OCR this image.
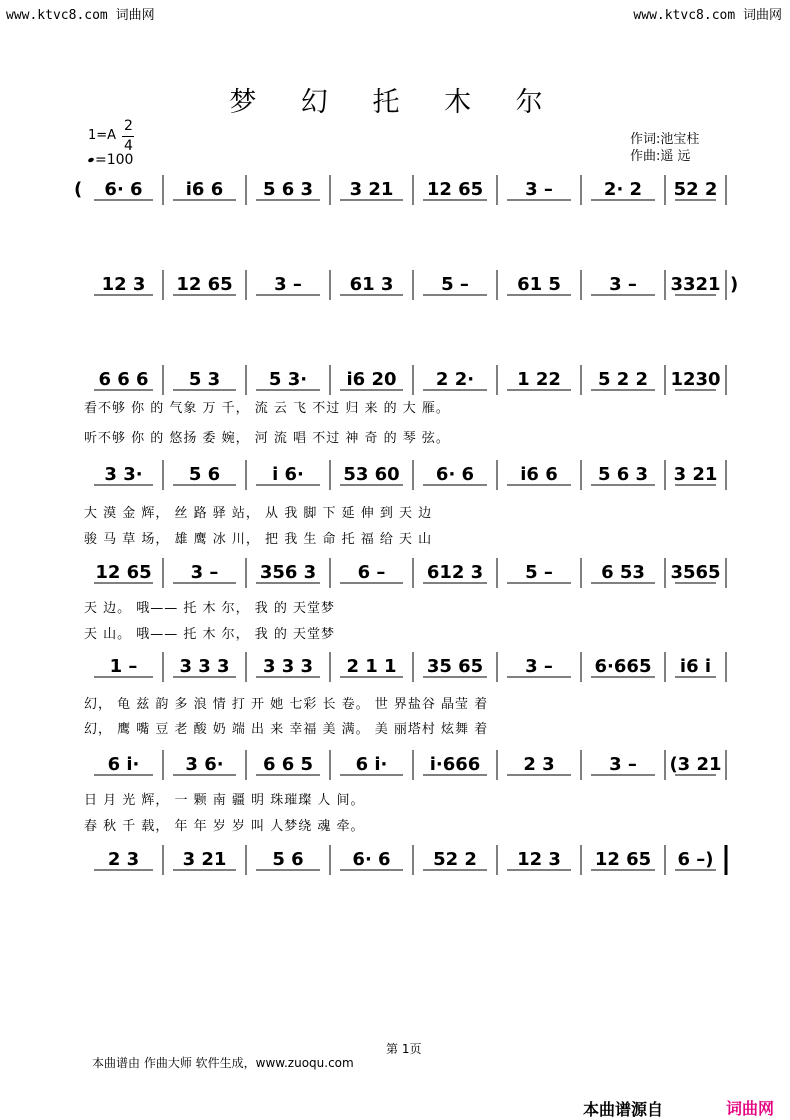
www.ktvc8.com 词曲网	www.ktvc8.com 词曲网
梦 幻 托 木 尔
1=A
2
4
=100
作词:池宝柱
作曲:遥 远
6· 6 i6 6 5 6 3 3 21 12 65 3 –	2· 2 52 2
(
12 3 12 65 3 –	61 3	5 –	61 5	3 – 3321 )
6 6 6 5 3	5 3· i6 20 2 2· 1 22 5 2 2 1230
3 3·	5 6	i 6· 53 60 6· 6	i6 6 5 6 3 3 21
12 65 3 – 356 3 6 – 612 3 5 –	6 53 3565
1 – 3 3 3 3 3 3 2 1 1 35 65 3 – 6·665 i6 i
6 i·	3 6· 6 6 5 6 i· i·666 2 3	3 – (3 21
2 3 3 21	5 6	6· 6 52 2 12 3 12 65 6 –)
看不够 你 的 气象 万 千， 流 云 飞 不过 归 来 的 大 雁。
听不够 你 的 悠扬 委 婉， 河 流 唱 不过 神 奇 的 琴 弦。
大 漠 金 辉， 丝 路 驿 站， 从 我 脚 下 延 伸 到 天 边
骏 马 草 场， 雄 鹰 冰 川， 把 我 生 命 托 福 给 天 山
天 边。 哦—— 托 木 尔， 我 的 天堂梦
天 山。 哦—— 托 木 尔， 我 的 天堂梦
幻， 龟 兹 韵 多 浪 情 打 开 她 七彩 长 卷。 世 界盐谷 晶莹 着
幻， 鹰 嘴 豆 老 酸 奶 端 出 来 幸福 美 满。 美 丽塔村 炫舞 着
日 月 光 辉， 一 颗 南 疆 明 珠璀璨 人 间。
春 秋 千 载， 年 年 岁 岁 叫 人梦绕 魂 牵。
第 1页
本曲谱由 作曲大师 软件生成，www.zuoqu.com
本曲谱源自	词曲网
